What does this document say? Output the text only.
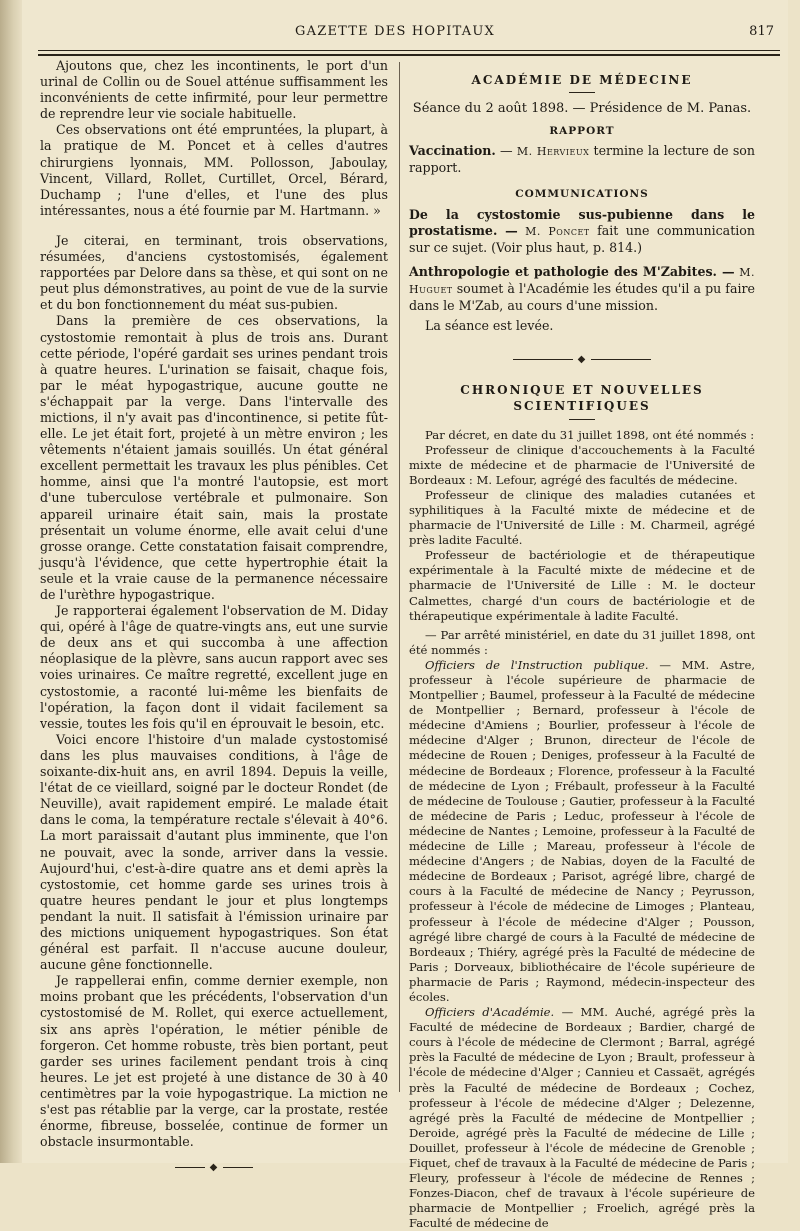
GAZETTE DES HOPITAUX	817

Ajoutons que, chez les incontinents, le port d'un urinal de Collin ou de Souel atténue suffisamment les inconvénients de cette infirmité, pour leur permettre de reprendre leur vie sociale habituelle.

Ces observations ont été empruntées, la plupart, à la pratique de M. Poncet et à celles d'autres chirurgiens lyonnais, MM. Pollosson, Jaboulay, Vincent, Villard, Rollet, Curtillet, Orcel, Bérard, Duchamp ; l'une d'elles, et l'une des plus intéressantes, nous a été fournie par M. Hartmann. »

Je citerai, en terminant, trois observations, résumées, d'anciens cystostomisés, également rapportées par Delore dans sa thèse, et qui sont on ne peut plus démonstratives, au point de vue de la survie et du bon fonctionnement du méat sus-pubien.

Dans la première de ces observations, la cystostomie remontait à plus de trois ans. Durant cette période, l'opéré gardait ses urines pendant trois à quatre heures. L'urination se faisait, chaque fois, par le méat hypogastrique, aucune goutte ne s'échappait par la verge. Dans l'intervalle des mictions, il n'y avait pas d'incontinence, si petite fût-elle. Le jet était fort, projeté à un mètre environ ; les vêtements n'étaient jamais souillés. Un état général excellent permettait les travaux les plus pénibles. Cet homme, ainsi que l'a montré l'autopsie, est mort d'une tuberculose vertébrale et pulmonaire. Son appareil urinaire était sain, mais la prostate présentait un volume énorme, elle avait celui d'une grosse orange. Cette constatation faisait comprendre, jusqu'à l'évidence, que cette hypertrophie était la seule et la vraie cause de la permanence nécessaire de l'urèthre hypogastrique.

Je rapporterai également l'observation de M. Diday qui, opéré à l'âge de quatre-vingts ans, eut une survie de deux ans et qui succomba à une affection néoplasique de la plèvre, sans aucun rapport avec ses voies urinaires. Ce maître regretté, excellent juge en cystostomie, a raconté lui-même les bienfaits de l'opération, la façon dont il vidait facilement sa vessie, toutes les fois qu'il en éprouvait le besoin, etc.

Voici encore l'histoire d'un malade cystostomisé dans les plus mauvaises conditions, à l'âge de soixante-dix-huit ans, en avril 1894. Depuis la veille, l'état de ce vieillard, soigné par le docteur Rondet (de Neuville), avait rapidement empiré. Le malade était dans le coma, la température rectale s'élevait à 40°6. La mort paraissait d'autant plus imminente, que l'on ne pouvait, avec la sonde, arriver dans la vessie. Aujourd'hui, c'est-à-dire quatre ans et demi après la cystostomie, cet homme garde ses urines trois à quatre heures pendant le jour et plus longtemps pendant la nuit. Il satisfait à l'émission urinaire par des mictions uniquement hypogastriques. Son état général est parfait. Il n'accuse aucune douleur, aucune gêne fonctionnelle.

Je rappellerai enfin, comme dernier exemple, non moins probant que les précédents, l'observation d'un cystostomisé de M. Rollet, qui exerce actuellement, six ans après l'opération, le métier pénible de forgeron. Cet homme robuste, très bien portant, peut garder ses urines facilement pendant trois à cinq heures. Le jet est projeté à une distance de 30 à 40 centimètres par la voie hypogastrique. La miction ne s'est pas rétablie par la verge, car la prostate, restée énorme, fibreuse, bosselée, continue de former un obstacle insurmontable.

◆
ACADÉMIE DE MÉDECINE
Séance du 2 août 1898. — Présidence de M. Panas.
RAPPORT

Vaccination. — M. Hervieux termine la lecture de son rapport.

COMMUNICATIONS

De la cystostomie sus-pubienne dans le prostatisme. — M. Poncet fait une communication sur ce sujet. (Voir plus haut, p. 814.)

Anthropologie et pathologie des M'Zabites. — M. Huguet soumet à l'Académie les études qu'il a pu faire dans le M'Zab, au cours d'une mission.

La séance est levée.

◆
CHRONIQUE ET NOUVELLES SCIENTIFIQUES

Par décret, en date du 31 juillet 1898, ont été nommés :

Professeur de clinique d'accouchements à la Faculté mixte de médecine et de pharmacie de l'Université de Bordeaux : M. Lefour, agrégé des facultés de médecine.

Professeur de clinique des maladies cutanées et syphilitiques à la Faculté mixte de médecine et de pharmacie de l'Université de Lille : M. Charmeil, agrégé près ladite Faculté.

Professeur de bactériologie et de thérapeutique expérimentale à la Faculté mixte de médecine et de pharmacie de l'Université de Lille : M. le docteur Calmettes, chargé d'un cours de bactériologie et de thérapeutique expérimentale à ladite Faculté.

— Par arrêté ministériel, en date du 31 juillet 1898, ont été nommés :

Officiers de l'Instruction publique. — MM. Astre, professeur à l'école supérieure de pharmacie de Montpellier ; Baumel, professeur à la Faculté de médecine de Montpellier ; Bernard, professeur à l'école de médecine d'Amiens ; Bourlier, professeur à l'école de médecine d'Alger ; Brunon, directeur de l'école de médecine de Rouen ; Deniges, professeur à la Faculté de médecine de Bordeaux ; Florence, professeur à la Faculté de médecine de Lyon ; Frébault, professeur à la Faculté de médecine de Toulouse ; Gautier, professeur à la Faculté de médecine de Paris ; Leduc, professeur à l'école de médecine de Nantes ; Lemoine, professeur à la Faculté de médecine de Lille ; Mareau, professeur à l'école de médecine d'Angers ; de Nabias, doyen de la Faculté de médecine de Bordeaux ; Parisot, agrégé libre, chargé de cours à la Faculté de médecine de Nancy ; Peyrusson, professeur à l'école de médecine de Limoges ; Planteau, professeur à l'école de médecine d'Alger ; Pousson, agrégé libre chargé de cours à la Faculté de médecine de Bordeaux ; Thiéry, agrégé près la Faculté de médecine de Paris ; Dorveaux, bibliothécaire de l'école supérieure de pharmacie de Paris ; Raymond, médecin-inspecteur des écoles.

Officiers d'Académie. — MM. Auché, agrégé près la Faculté de médecine de Bordeaux ; Bardier, chargé de cours à l'école de médecine de Clermont ; Barral, agrégé près la Faculté de médecine de Lyon ; Brault, professeur à l'école de médecine d'Alger ; Cannieu et Cassaët, agrégés près la Faculté de médecine de Bordeaux ; Cochez, professeur à l'école de médecine d'Alger ; Delezenne, agrégé près la Faculté de médecine de Montpellier ; Deroide, agrégé près la Faculté de médecine de Lille ; Douillet, professeur à l'école de médecine de Grenoble ; Fiquet, chef de travaux à la Faculté de médecine de Paris ; Fleury, professeur à l'école de médecine de Rennes ; Fonzes-Diacon, chef de travaux à l'école supérieure de pharmacie de Montpellier ; Froelich, agrégé près la Faculté de médecine de
